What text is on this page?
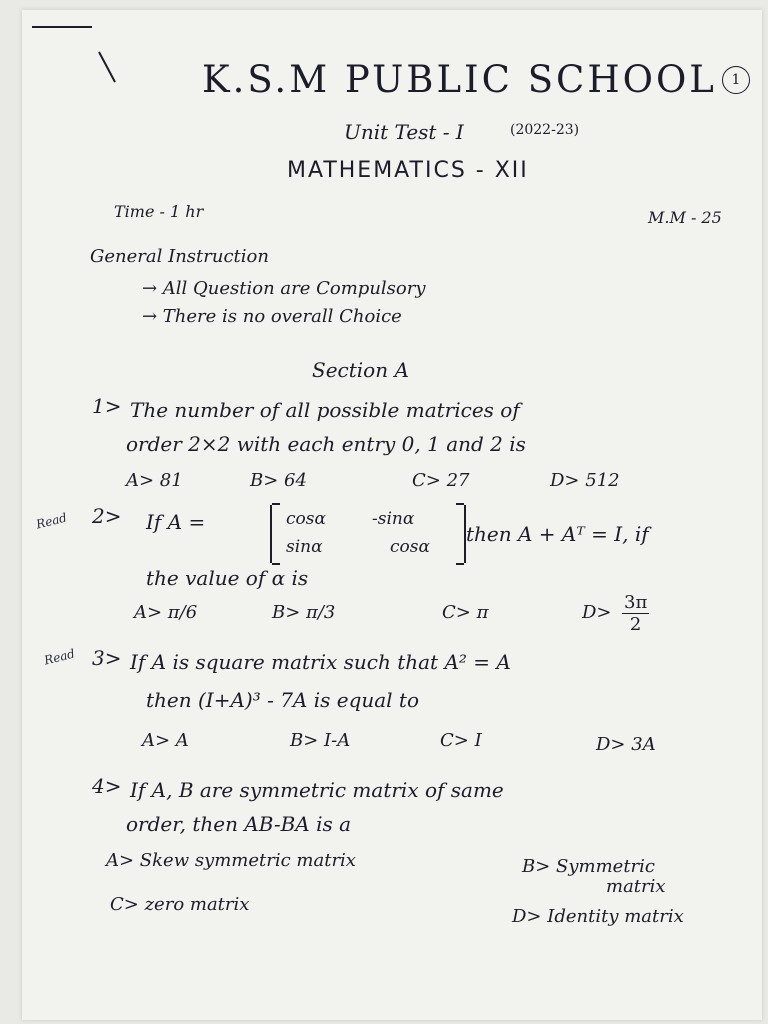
K.S.M PUBLIC SCHOOL	1
Unit Test - I	(2022-23)
MATHEMATICS - XII
Time - 1 hr	M.M - 25
General Instruction
→ All Question are Compulsory
→ There is no overall Choice
Section A
1> The number of all possible matrices of
order 2×2 with each entry 0, 1 and 2 is
A> 81	B> 64	C> 27	D> 512
Read 2> If A =	cosα	-sinα
sinα	cosα
then A + Aᵀ = I, if
the value of α is
A> π/6	B> π/3	C> π	$D> \frac{3\pi}{2}$
Read 3> If A is square matrix such that A² = A
then (I+A)³ - 7A is equal to
A> A	B> I-A	C> I	D> 3A
4> If A, B are symmetric matrix of same
order, then AB-BA is a
A> Skew symmetric matrix	B> Symmetric
matrix
C> zero matrix
D> Identity matrix
